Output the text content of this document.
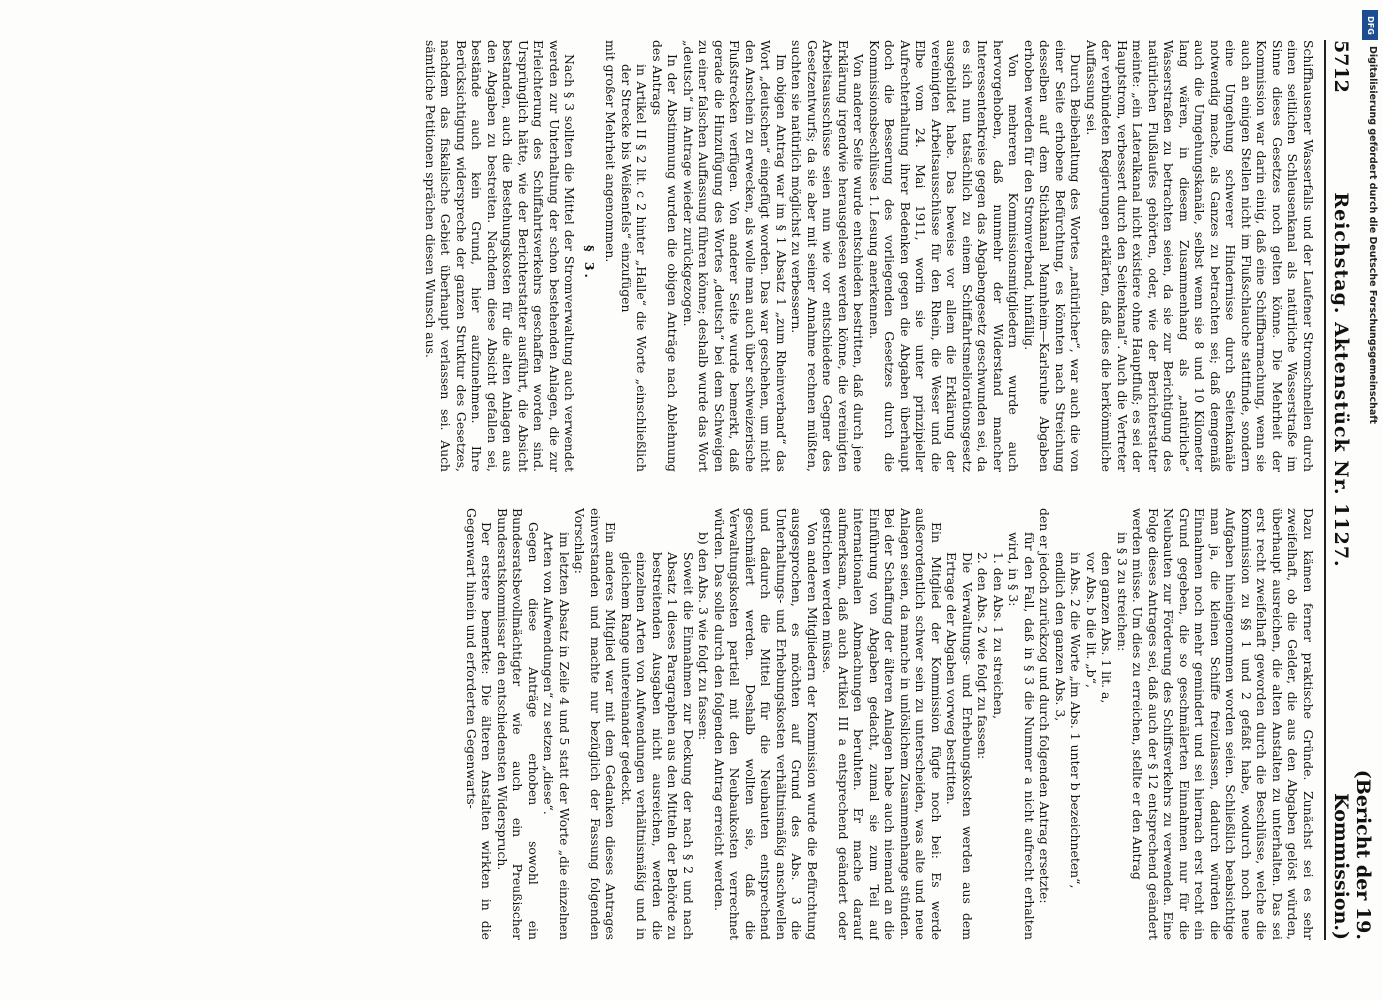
5712
Reichstag. Aktenstück Nr. 1127.
(Bericht der 19. Kommission.)

Schiffhausener Wasserfalls und der Laufener Stromschnellen durch einen seitlichen Schleusenkanal als natürliche Wasserstraße im Sinne dieses Gesetzes noch gelten könne. Die Mehrheit der Kommission war darin einig, daß eine Schiffbarmachung, wenn sie auch an einigen Stellen nicht im Flußschlauche stattfinde, sondern eine Umgehung schwerer Hindernisse durch Seitenkanäle notwendig mache, als Ganzes zu betrachten sei; daß demgemäß auch die Umgehungskanäle, selbst wenn sie 8 und 10 Kilometer lang wären, in diesem Zusammenhang als „natürliche“ Wasserstraßen zu betrachten seien, da sie zur Berichtigung des natürlichen Flußlaufes gehörten, oder, wie der Berichterstatter meinte: „ein Lateralkanal nicht existiere ohne Hauptfluß; es sei der Hauptstrom, verbessert durch den Seitenkanal“. Auch die Vertreter der verbündeten Regierungen erklärten, daß dies die herkömmliche Auffassung sei.

Durch Beibehaltung des Wortes „natürlicher“, war auch die von einer Seite erhobene Befürchtung, es könnten nach Streichung desselben auf dem Stichkanal Mannheim—Karlsruhe Abgaben erhoben werden für den Stromverband, hinfällig.

Von mehreren Kommissionsmitgliedern wurde auch hervorgehoben, daß nunmehr der Widerstand mancher Interessentenkreise gegen das Abgabengesetz geschwunden sei, da es sich nun tatsächlich zu einem Schiffahrtsmeliorationsgesetz ausgebildet habe. Das beweise vor allem die Erklärung der vereinigten Arbeitsausschüsse für den Rhein, die Weser und die Elbe vom 24. Mai 1911, worin sie unter prinzipieller Aufrechterhaltung ihrer Bedenken gegen die Abgaben überhaupt doch die Besserung des vorliegenden Gesetzes durch die Kommissionsbeschlüsse 1. Lesung anerkennen.

Von anderer Seite wurde entschieden bestritten, daß durch jene Erklärung irgendwie herausgelesen werden könne, die vereinigten Arbeitsausschüsse seien nun wie vor entschiedene Gegner des Gesetzentwurfs; da sie aber mit seiner Annahme rechnen müßten, suchten sie natürlich möglichst zu verbessern.

Im obigen Antrag war im § 1 Absatz 1 „zum Rheinverband“ das Wort „deutschen“ eingefügt worden. Das war geschehen, um nicht den Anschein zu erwecken, als wolle man auch über schweizerische Flußstrecken verfügen. Von anderer Seite wurde bemerkt, daß gerade die Hinzufügung des Wortes „deutsch“ bei dem Schweigen zu einer falschen Auffassung führen könne; deshalb wurde das Wort „deutsch“ im Antrage wieder zurückgezogen.

In der Abstimmung wurden die obigen Anträge nach Ablehnung des Antrags

in Artikel II § 2 lit. c 2 hinter „Halle“ die Worte „einschließlich der Strecke bis Weißenfels“ einzufügen

mit großer Mehrheit angenommen.

§ 3.

Nach § 3 sollten die Mittel der Stromverwaltung auch verwendet werden zur Unterhaltung der schon bestehenden Anlagen, die zur Erleichterung des Schiffahrtsverkehrs geschaffen worden sind. Ursprünglich hätte, wie der Berichterstatter ausführt, die Absicht bestanden, auch die Bestehungskosten für die alten Anlagen aus den Abgaben zu bestreiten. Nachdem diese Absicht gefallen sei, bestände auch kein Grund, hier aufzunehmen. Ihre Berücksichtigung widerspreche der ganzen Struktur des Gesetzes, nachdem das fiskalische Gebiet überhaupt verlassen sei. Auch sämtliche Petitionen sprächen diesen Wunsch aus.

Dazu kämen ferner praktische Gründe. Zunächst sei es sehr zweifelhaft, ob die Gelder, die aus den Abgaben gelöst würden, überhaupt ausreichen, die alten Anstalten zu unterhalten. Das sei erst recht zweifelhaft geworden durch die Beschlüsse, welche die Kommission zu §§ 1 und 2 gefaßt habe, wodurch noch neue Aufgaben hineingenommen worden seien. Schließlich beabsichtige man ja, die kleinen Schiffe freizulassen, dadurch würden die Einnahmen noch mehr gemindert und sei hiernach erst recht ein Grund gegeben, die so geschmälerten Einnahmen nur für die Neubauten zur Förderung des Schiffsverkehrs zu verwenden. Eine Folge dieses Antrages sei, daß auch der § 12 entsprechend geändert werden müsse. Um dies zu erreichen, stellte er den Antrag

in § 3 zu streichen:

den ganzen Abs. 1 lit. a,

vor Abs. b die lit. „b“,

in Abs. 2 die Worte „im Abs. 1 unter b bezeichneten“,

endlich den ganzen Abs. 3,

den er jedoch zurückzog und durch folgenden Antrag ersetzte:

für den Fall, daß in § 3 die Nummer a nicht aufrecht erhalten wird, in § 3:

1. den Abs. 1 zu streichen,

2. den Abs. 2 wie folgt zu fassen:

Die Verwaltungs- und Erhebungskosten werden aus dem Ertrage der Abgaben vorweg bestritten.

Ein Mitglied der Kommission fügte noch bei: Es werde außerordentlich schwer sein zu unterscheiden, was alte und neue Anlagen seien, da manche in unlöslichem Zusammenhange stünden. Bei der Schaffung der älteren Anlagen habe auch niemand an die Einführung von Abgaben gedacht, zumal sie zum Teil auf internationalen Abmachungen beruhten. Er mache darauf aufmerksam, daß auch Artikel III a entsprechend geändert oder gestrichen werden müsse.

Von anderen Mitgliedern der Kommission wurde die Befürchtung ausgesprochen, es möchten auf Grund des Abs. 3 die Unterhaltungs- und Erhebungskosten verhältnismäßig anschwellen und dadurch die Mittel für die Neubauten entsprechend geschmälert werden. Deshalb wollten sie, daß die Verwaltungskosten partiell mit den Neubaukosten verrechnet würden. Das solle durch den folgenden Antrag erreicht werden.

b) den Abs. 3 wie folgt zu fassen:

Soweit die Einnahmen zur Deckung der nach § 2 und nach Absatz 1 dieses Paragraphen aus den Mitteln der Behörde zu bestreitenden Ausgaben nicht ausreichen, werden die einzelnen Arten von Aufwendungen verhältnismäßig und in gleichem Range untereinander gedeckt.

Ein anderes Mitglied war mit dem Gedanken dieses Antrages einverstanden und machte nur bezüglich der Fassung folgenden Vorschlag:

im letzten Absatz in Zeile 4 und 5 statt der Worte „die einzelnen Arten von Aufwendungen“ zu setzen „diese“.

Gegen diese Anträge erhoben sowohl ein Bundesratsbevollmächtigter wie auch ein Preußischer Bundesratskommissar den entschiedensten Widerspruch.

Der erstere bemerkte: Die älteren Anstalten wirkten in die Gegenwart hinein und erforderten Gegenwarts-

DFG
Digitalisierung gefördert durch die Deutsche Forschungsgemeinschaft
